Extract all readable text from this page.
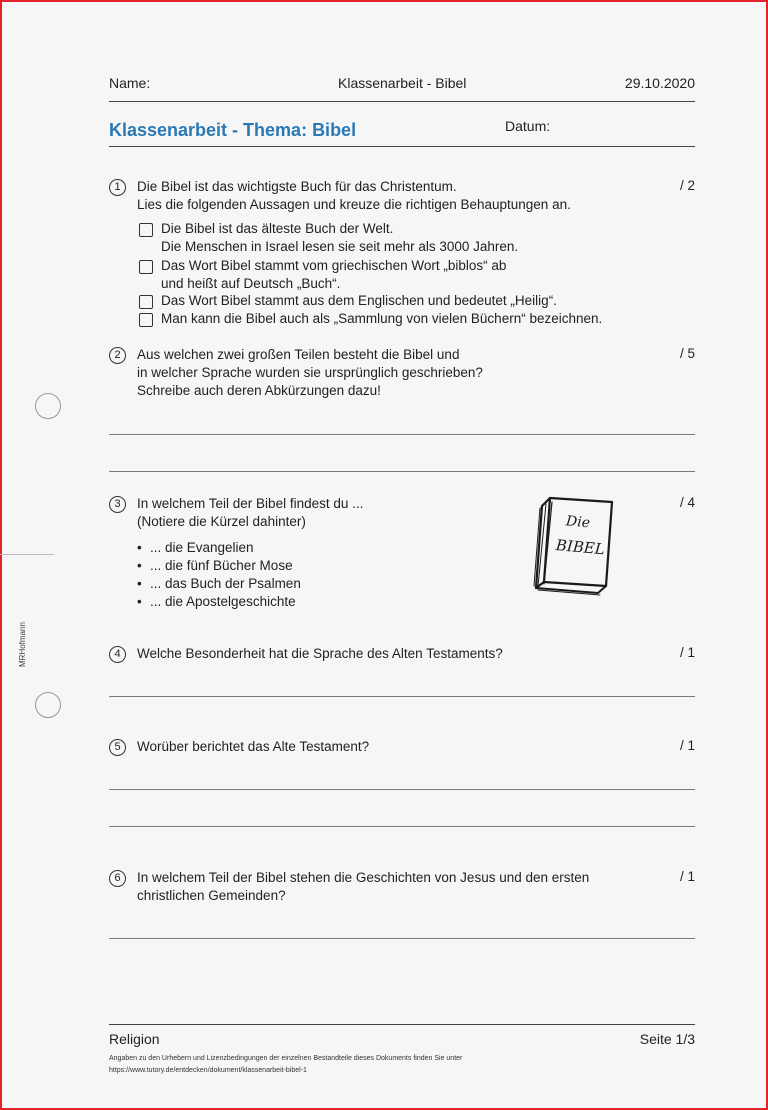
MRHofmann
Name:	Klassenarbeit - Bibel	29.10.2020
Klassenarbeit - Thema: Bibel	Datum:
1	Die Bibel ist das wichtigste Buch für das Christentum.
Lies die folgenden Aussagen und kreuze die richtigen Behauptungen an.
/ 2
Die Bibel ist das älteste Buch der Welt.
Die Menschen in Israel lesen sie seit mehr als 3000 Jahren.
Das Wort Bibel stammt vom griechischen Wort „biblos“ ab
und heißt auf Deutsch „Buch“.
Das Wort Bibel stammt aus dem Englischen und bedeutet „Heilig“.
Man kann die Bibel auch als „Sammlung von vielen Büchern“ bezeichnen.
2	Aus welchen zwei großen Teilen besteht die Bibel und
in welcher Sprache wurden sie ursprünglich geschrieben?
Schreibe auch deren Abkürzungen dazu!
/ 5
3	In welchem Teil der Bibel findest du ...
(Notiere die Kürzel dahinter)
/ 4
• ... die Evangelien
• ... die fünf Bücher Mose
• ... das Buch der Psalmen
• ... die Apostelgeschichte
Die
BIBEL
4	Welche Besonderheit hat die Sprache des Alten Testaments?	/ 1
5	Worüber berichtet das Alte Testament?	/ 1
6	In welchem Teil der Bibel stehen die Geschichten von Jesus und den ersten
christlichen Gemeinden?
/ 1
Religion	Seite 1/3
Angaben zu den Urhebern und Lizenzbedingungen der einzelnen Bestandteile dieses Dokuments finden Sie unter
https://www.tutory.de/entdecken/dokument/klassenarbeit-bibel-1
